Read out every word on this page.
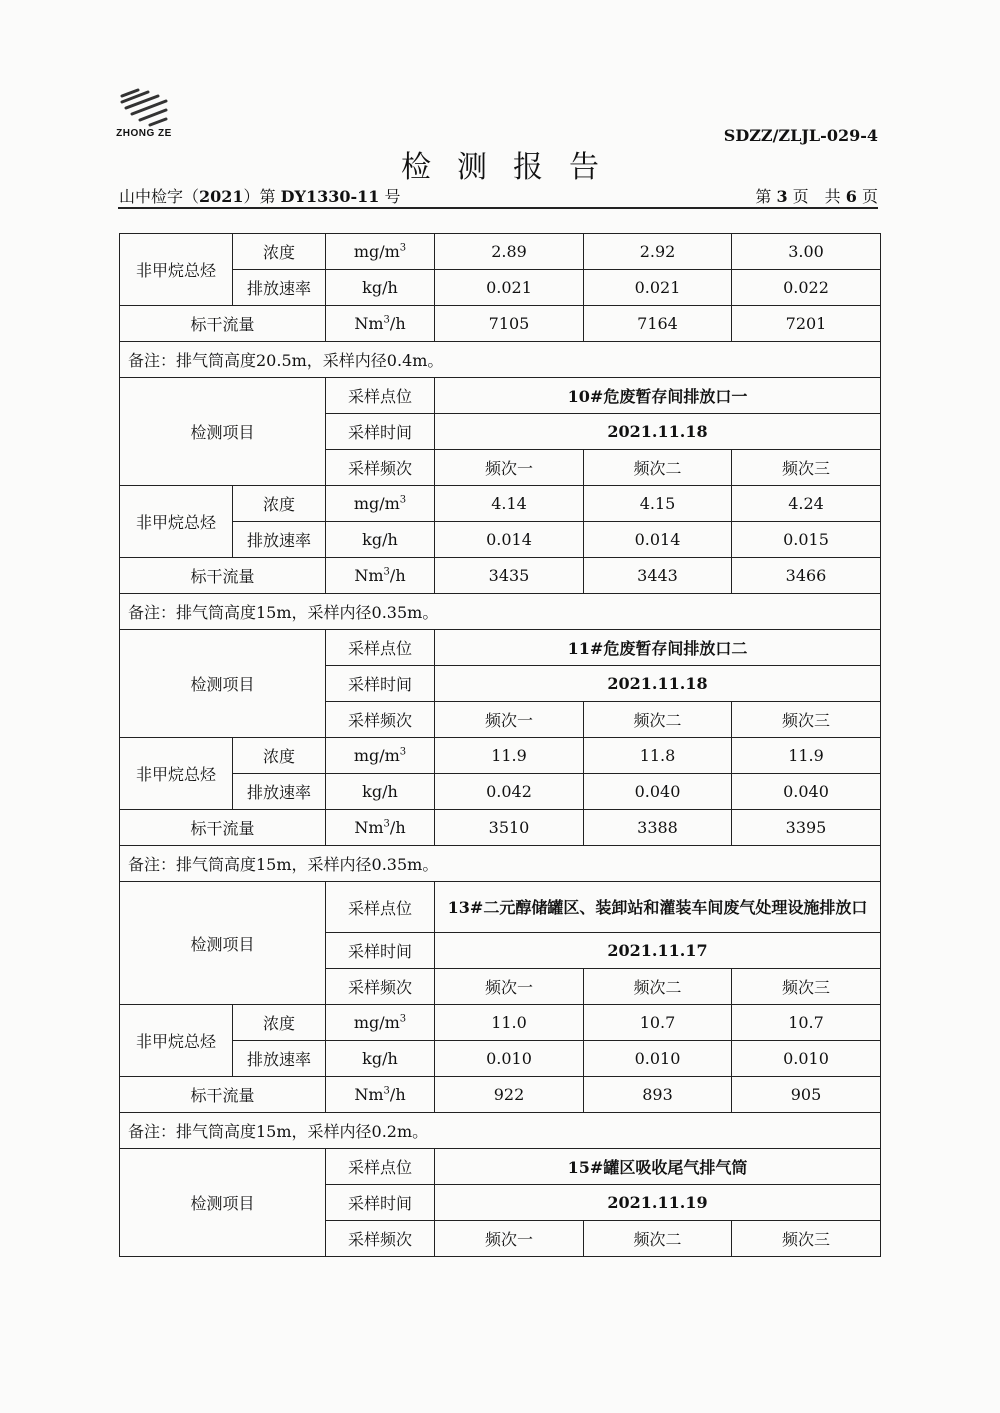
ZHONG ZE	SDZZ/ZLJL-029-4
检测报告
山中检字（2021）第 DY1330-11 号	第 3 页　共 6 页
非甲烷总烃	浓度	$mg/m^3$	2.89	2.92	3.00
	排放速率	kg/h	0.021	0.021	0.022
标干流量		Nm$^3$/h	7105	7164	7201
备注：排气筒高度20.5m，采样内径0.4m。					
检测项目		采样点位	10#危废暂存间排放口一		
		采样时间	2021.11.18		
		采样频次	频次一	频次二	频次三
非甲烷总烃	浓度	$mg/m^3$	4.14	4.15	4.24
	排放速率	kg/h	0.014	0.014	0.015
标干流量		Nm$^3$/h	3435	3443	3466
备注：排气筒高度15m，采样内径0.35m。					
检测项目		采样点位	11#危废暂存间排放口二		
		采样时间	2021.11.18		
		采样频次	频次一	频次二	频次三
非甲烷总烃	浓度	$mg/m^3$	11.9	11.8	11.9
	排放速率	kg/h	0.042	0.040	0.040
标干流量		Nm$^3$/h	3510	3388	3395
备注：排气筒高度15m，采样内径0.35m。					
检测项目		采样点位	13#二元醇储罐区、装卸站和灌装车间废气处理设施排放口		
		采样时间	2021.11.17		
		采样频次	频次一	频次二	频次三
非甲烷总烃	浓度	$mg/m^3$	11.0	10.7	10.7
	排放速率	kg/h	0.010	0.010	0.010
标干流量		Nm$^3$/h	922	893	905
备注：排气筒高度15m，采样内径0.2m。					
检测项目		采样点位	15#罐区吸收尾气排气筒		
		采样时间	2021.11.19		
		采样频次	频次一	频次二	频次三
